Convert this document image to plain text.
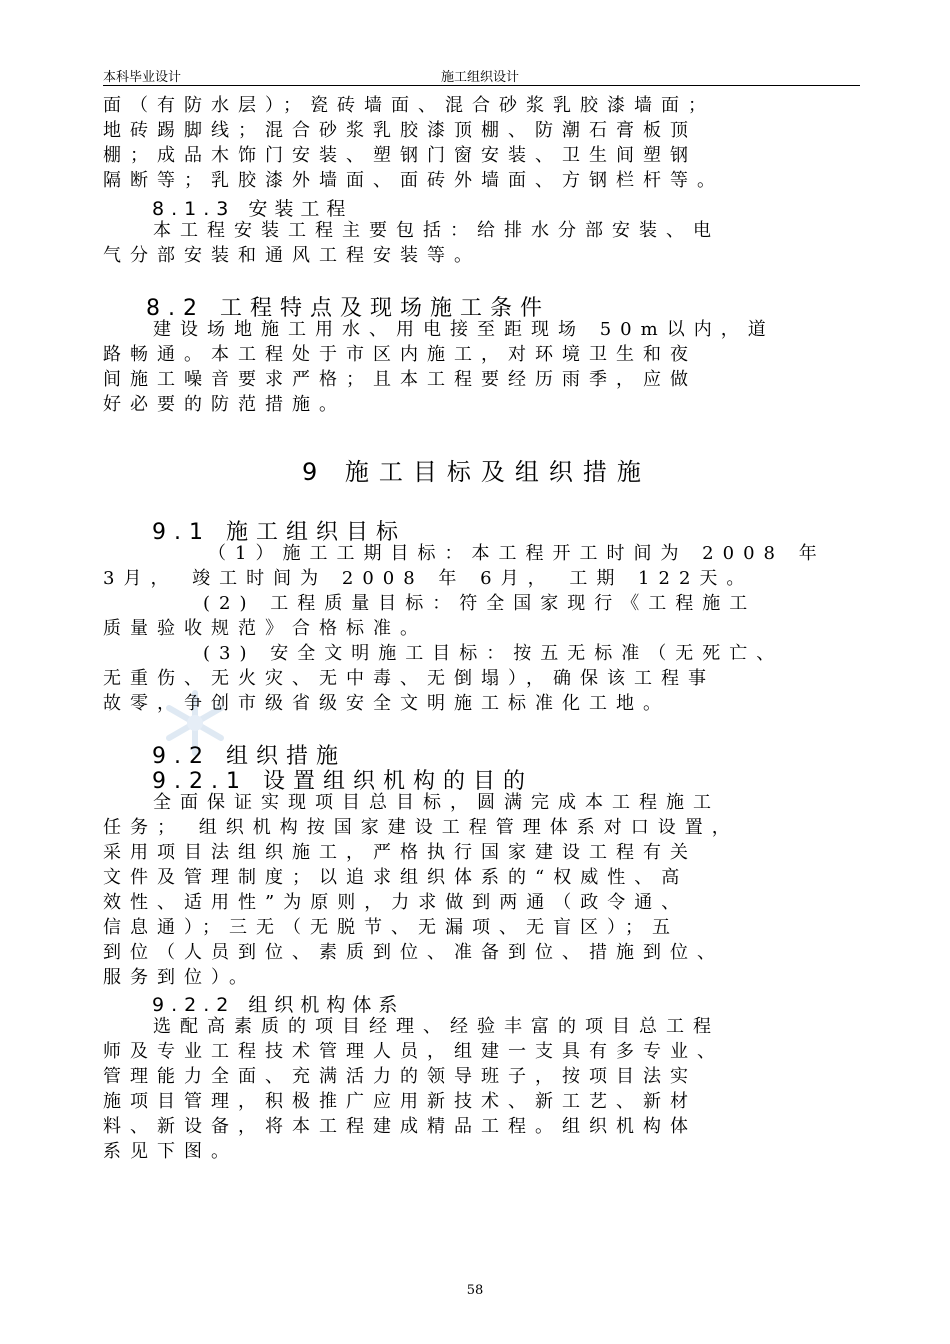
本科毕业设计	施工组织设计
面（有防水层）；瓷砖墙面、混合砂浆乳胶漆墙面；
地砖踢脚线；混合砂浆乳胶漆顶棚、防潮石膏板顶
棚；成品木饰门安装、塑钢门窗安装、卫生间塑钢
隔断等；乳胶漆外墙面、面砖外墙面、方钢栏杆等。
8.1.3 安装工程
本工程安装工程主要包括：给排水分部安装、电
气分部安装和通风工程安装等。
8.2 工程特点及现场施工条件
建设场地施工用水、用电接至距现场 50m以内，道
路畅通。本工程处于市区内施工，对环境卫生和夜
间施工噪音要求严格；且本工程要经历雨季，应做
好必要的防范措施。
9 施工目标及组织措施
9.1 施工组织目标
（1）施工工期目标：本工程开工时间为 2008 年
3月， 竣工时间为 2008 年 6月， 工期 122天。
(2) 工程质量目标：符全国家现行《工程施工
质量验收规范》合格标准。
(3) 安全文明施工目标：按五无标准（无死亡、
无重伤、无火灾、无中毒、无倒塌），确保该工程事
故零，争创市级省级安全文明施工标准化工地。
9.2 组织措施
9.2.1 设置组织机构的目的
全面保证实现项目总目标，圆满完成本工程施工
任务； 组织机构按国家建设工程管理体系对口设置，
采用项目法组织施工，严格执行国家建设工程有关
文件及管理制度；以追求组织体系的“权威性、高
效性、适用性”为原则，力求做到两通（政令通、
信息通）；三无（无脱节、无漏项、无盲区）；五
到位（人员到位、素质到位、准备到位、措施到位、
服务到位）。
9.2.2 组织机构体系
选配高素质的项目经理、经验丰富的项目总工程
师及专业工程技术管理人员，组建一支具有多专业、
管理能力全面、充满活力的领导班子，按项目法实
施项目管理，积极推广应用新技术、新工艺、新材
料、新设备，将本工程建成精品工程。组织机构体
系见下图。
58
